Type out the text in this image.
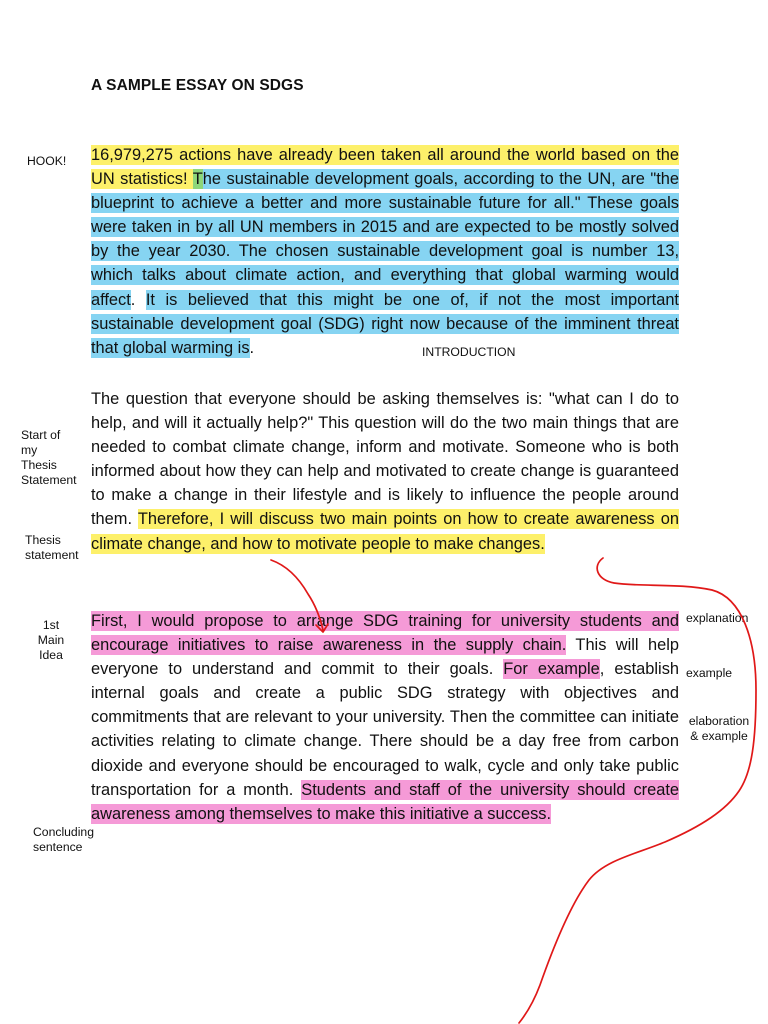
A SAMPLE ESSAY ON SDGS
16,979,275 actions have already been taken all around the world based on the UN statistics! The sustainable development goals, according to the UN, are "the blueprint to achieve a better and more sustainable future for all." These goals were taken in by all UN members in 2015 and are expected to be mostly solved by the year 2030. The chosen sustainable development goal is number 13, which talks about climate action, and everything that global warming would affect. It is believed that this might be one of, if not the most important sustainable development goal (SDG) right now because of the imminent threat that global warming is.
The question that everyone should be asking themselves is: "what can I do to help, and will it actually help?" This question will do the two main things that are needed to combat climate change, inform and motivate. Someone who is both informed about how they can help and motivated to create change is guaranteed to make a change in their lifestyle and is likely to influence the people around them. Therefore, I will discuss two main points on how to create awareness on climate change, and how to motivate people to make changes.
First, I would propose to arrange SDG training for university students and encourage initiatives to raise awareness in the supply chain. This will help everyone to understand and commit to their goals. For example, establish internal goals and create a public SDG strategy with objectives and commitments that are relevant to your university. Then the committee can initiate activities relating to climate change. There should be a day free from carbon dioxide and everyone should be encouraged to walk, cycle and only take public transportation for a month. Students and staff of the university should create awareness among themselves to make this initiative a success.
HOOK!
INTRODUCTION
Start of
my
Thesis
Statement
Thesis
statement
1st
Main
Idea
explanation
example
elaboration
& example
Concluding
sentence
